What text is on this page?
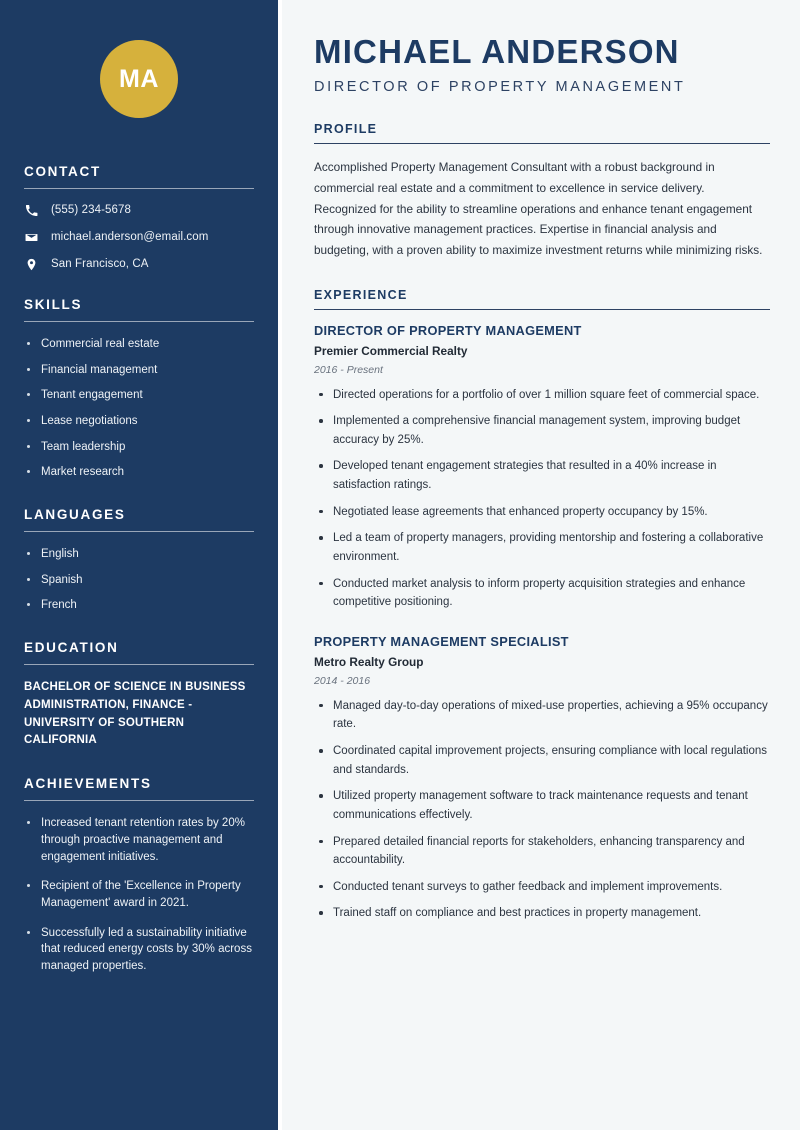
MA
CONTACT
(555) 234-5678
michael.anderson@email.com
San Francisco, CA
SKILLS
Commercial real estate
Financial management
Tenant engagement
Lease negotiations
Team leadership
Market research
LANGUAGES
English
Spanish
French
EDUCATION
BACHELOR OF SCIENCE IN BUSINESS ADMINISTRATION, FINANCE - UNIVERSITY OF SOUTHERN CALIFORNIA
ACHIEVEMENTS
Increased tenant retention rates by 20% through proactive management and engagement initiatives.
Recipient of the 'Excellence in Property Management' award in 2021.
Successfully led a sustainability initiative that reduced energy costs by 30% across managed properties.
MICHAEL ANDERSON
DIRECTOR OF PROPERTY MANAGEMENT
PROFILE

Accomplished Property Management Consultant with a robust background in commercial real estate and a commitment to excellence in service delivery. Recognized for the ability to streamline operations and enhance tenant engagement through innovative management practices. Expertise in financial analysis and budgeting, with a proven ability to maximize investment returns while minimizing risks.

EXPERIENCE
DIRECTOR OF PROPERTY MANAGEMENT
Premier Commercial Realty
2016 - Present
Directed operations for a portfolio of over 1 million square feet of commercial space.
Implemented a comprehensive financial management system, improving budget accuracy by 25%.
Developed tenant engagement strategies that resulted in a 40% increase in satisfaction ratings.
Negotiated lease agreements that enhanced property occupancy by 15%.
Led a team of property managers, providing mentorship and fostering a collaborative environment.
Conducted market analysis to inform property acquisition strategies and enhance competitive positioning.
PROPERTY MANAGEMENT SPECIALIST
Metro Realty Group
2014 - 2016
Managed day-to-day operations of mixed-use properties, achieving a 95% occupancy rate.
Coordinated capital improvement projects, ensuring compliance with local regulations and standards.
Utilized property management software to track maintenance requests and tenant communications effectively.
Prepared detailed financial reports for stakeholders, enhancing transparency and accountability.
Conducted tenant surveys to gather feedback and implement improvements.
Trained staff on compliance and best practices in property management.
